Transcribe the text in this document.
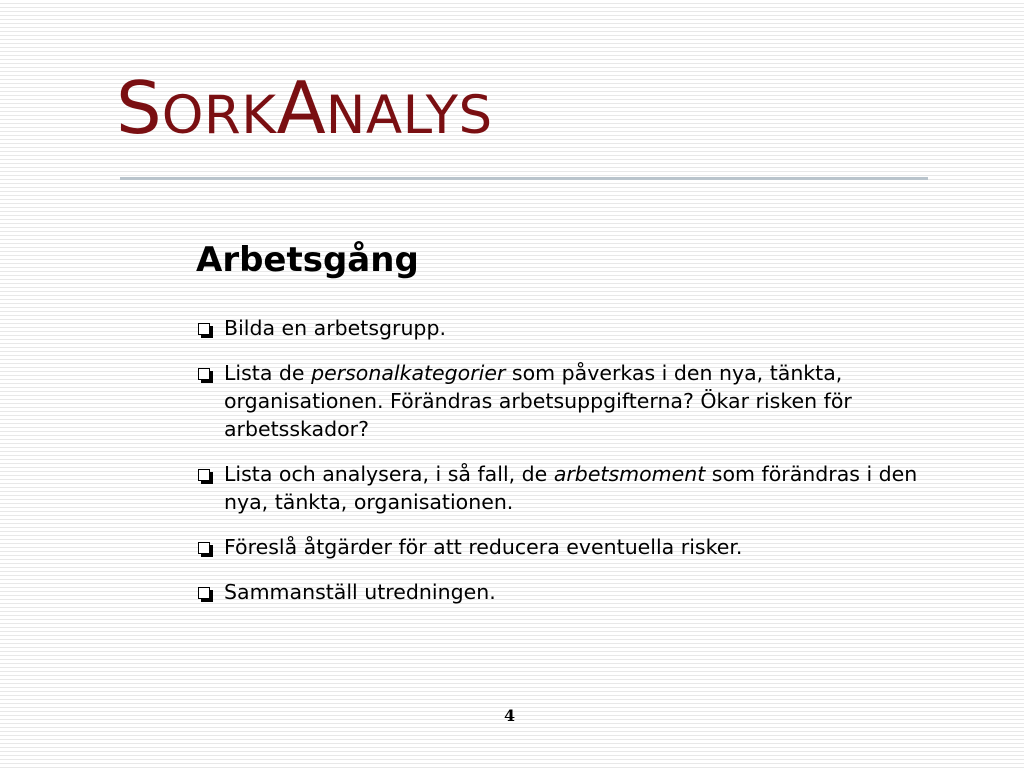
SORKANALYS
Arbetsgång
Bilda en arbetsgrupp.
Lista de personalkategorier som påverkas i den nya, tänkta, organisationen. Förändras arbetsuppgifterna? Ökar risken för arbetsskador?
Lista och analysera, i så fall, de arbetsmoment som förändras i den nya, tänkta, organisationen.
Föreslå åtgärder för att reducera eventuella risker.
Sammanställ utredningen.
4
